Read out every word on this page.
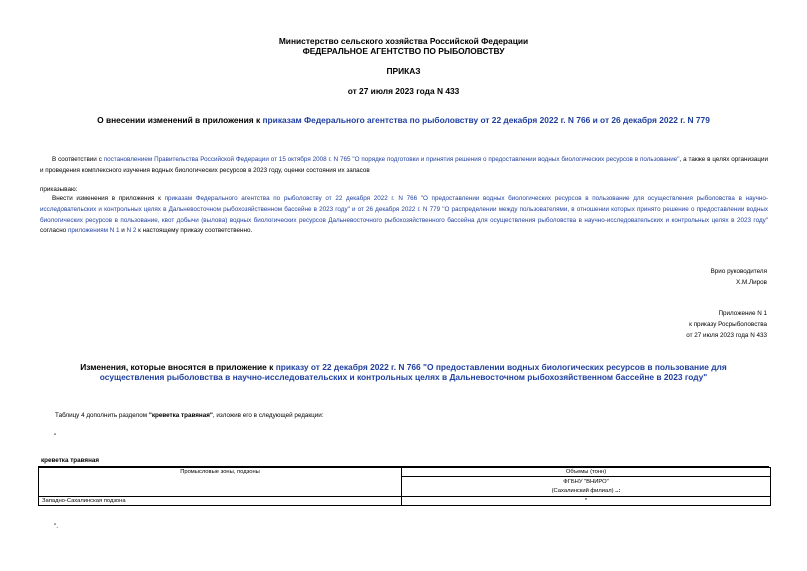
Министерство сельского хозяйства Российской Федерации
ФЕДЕРАЛЬНОЕ АГЕНТСТВО ПО РЫБОЛОВСТВУ
ПРИКАЗ
от 27 июля 2023 года N 433
О внесении изменений в приложения к приказам Федерального агентства по рыболовству от 22 декабря 2022 г. N 766 и от 26 декабря 2022 г. N 779
В соответствии с постановлением Правительства Российской Федерации от 15 октября 2008 г. N 765 "О порядке подготовки и принятия решения о предоставлении водных биологических ресурсов в пользование", а также в целях организации и проведения комплексного изучения водных биологических ресурсов в 2023 году, оценки состояния их запасов
приказываю:
Внести изменения в приложения к приказам Федерального агентства по рыболовству от 22 декабря 2022 г. N 766 "О предоставлении водных биологических ресурсов в пользование для осуществления рыболовства в научно-исследовательских и контрольных целях в Дальневосточном рыбохозяйственном бассейне в 2023 году" и от 26 декабря 2022 г. N 779 "О распределении между пользователями, в отношении которых принято решение о предоставлении водных биологических ресурсов в пользование, квот добычи (вылова) водных биологических ресурсов Дальневосточного рыбохозяйственного бассейна для осуществления рыболовства в научно-исследовательских и контрольных целях в 2023 году" согласно приложениям N 1 и N 2 к настоящему приказу соответственно.
Врио руководителя
Х.М.Лиров
Приложение N 1
к приказу Росрыболовства
от 27 июля 2023 года N 433
Изменения, которые вносятся в приложение к приказу от 22 декабря 2022 г. N 766 "О предоставлении водных биологических ресурсов в пользование для осуществления рыболовства в научно-исследовательских и контрольных целях в Дальневосточном рыбохозяйственном бассейне в 2023 году"
Таблицу 4 дополнить разделом "креветка травяная", изложив его в следующей редакции:
"
креветка травяная
Промысловые зоны, подзоны	Объемы (тонн)

	ФГБНУ "ВНИРО"
(Сахалинский филиал) ..:

Западно-Сахалинская подзона	*
".
